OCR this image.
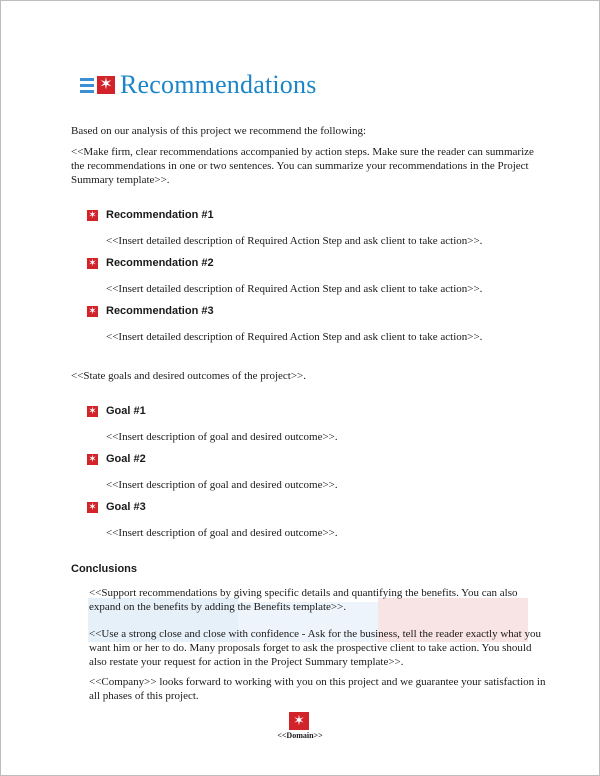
✶ Recommendations
Based on our analysis of this project we recommend the following:
<<Make firm, clear recommendations accompanied by action steps. Make sure the reader can summarize the recommendations in one or two sentences. You can summarize your recommendations in the Project Summary template>>.
✶ Recommendation #1
<<Insert detailed description of Required Action Step and ask client to take action>>.
✶ Recommendation #2
<<Insert detailed description of Required Action Step and ask client to take action>>.
✶ Recommendation #3
<<Insert detailed description of Required Action Step and ask client to take action>>.
<<State goals and desired outcomes of the project>>.
✶ Goal #1
<<Insert description of goal and desired outcome>>.
✶ Goal #2
<<Insert description of goal and desired outcome>>.
✶ Goal #3
<<Insert description of goal and desired outcome>>.
Conclusions
<<Support recommendations by giving specific details and quantifying the benefits. You can also expand on the benefits by adding the Benefits template>>.
<<Use a strong close and close with confidence - Ask for the business, tell the reader exactly what you want him or her to do. Many proposals forget to ask the prospective client to take action. You should also restate your request for action in the Project Summary template>>.
<<Company>> looks forward to working with you on this project and we guarantee your satisfaction in all phases of this project.
✶
<<Domain>>
